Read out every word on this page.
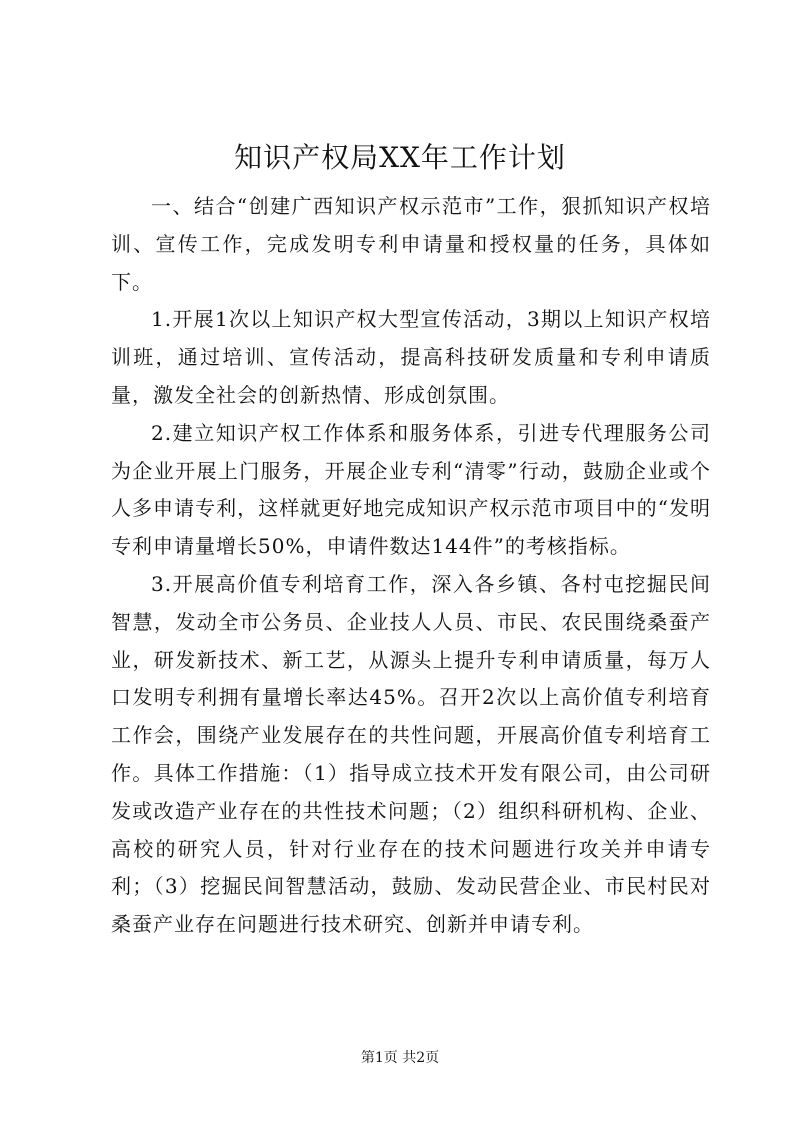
知识产权局XX年工作计划

一、结合“创建广西知识产权示范市”工作，狠抓知识产权培训、宣传工作，完成发明专利申请量和授权量的任务，具体如下。

1.开展1次以上知识产权大型宣传活动，3期以上知识产权培训班，通过培训、宣传活动，提高科技研发质量和专利申请质量，激发全社会的创新热情、形成创氛围。

2.建立知识产权工作体系和服务体系，引进专代理服务公司为企业开展上门服务，开展企业专利“清零”行动，鼓励企业或个人多申请专利，这样就更好地完成知识产权示范市项目中的“发明专利申请量增长50%，申请件数达144件”的考核指标。

3.开展高价值专利培育工作，深入各乡镇、各村屯挖掘民间智慧，发动全市公务员、企业技人人员、市民、农民围绕桑蚕产业，研发新技术、新工艺，从源头上提升专利申请质量，每万人口发明专利拥有量增长率达45%。召开2次以上高价值专利培育工作会，围绕产业发展存在的共性问题，开展高价值专利培育工作。具体工作措施：（1）指导成立技术开发有限公司，由公司研发或改造产业存在的共性技术问题；（2）组织科研机构、企业、高校的研究人员，针对行业存在的技术问题进行攻关并申请专利；（3）挖掘民间智慧活动，鼓励、发动民营企业、市民村民对桑蚕产业存在问题进行技术研究、创新并申请专利。

第1页 共2页
